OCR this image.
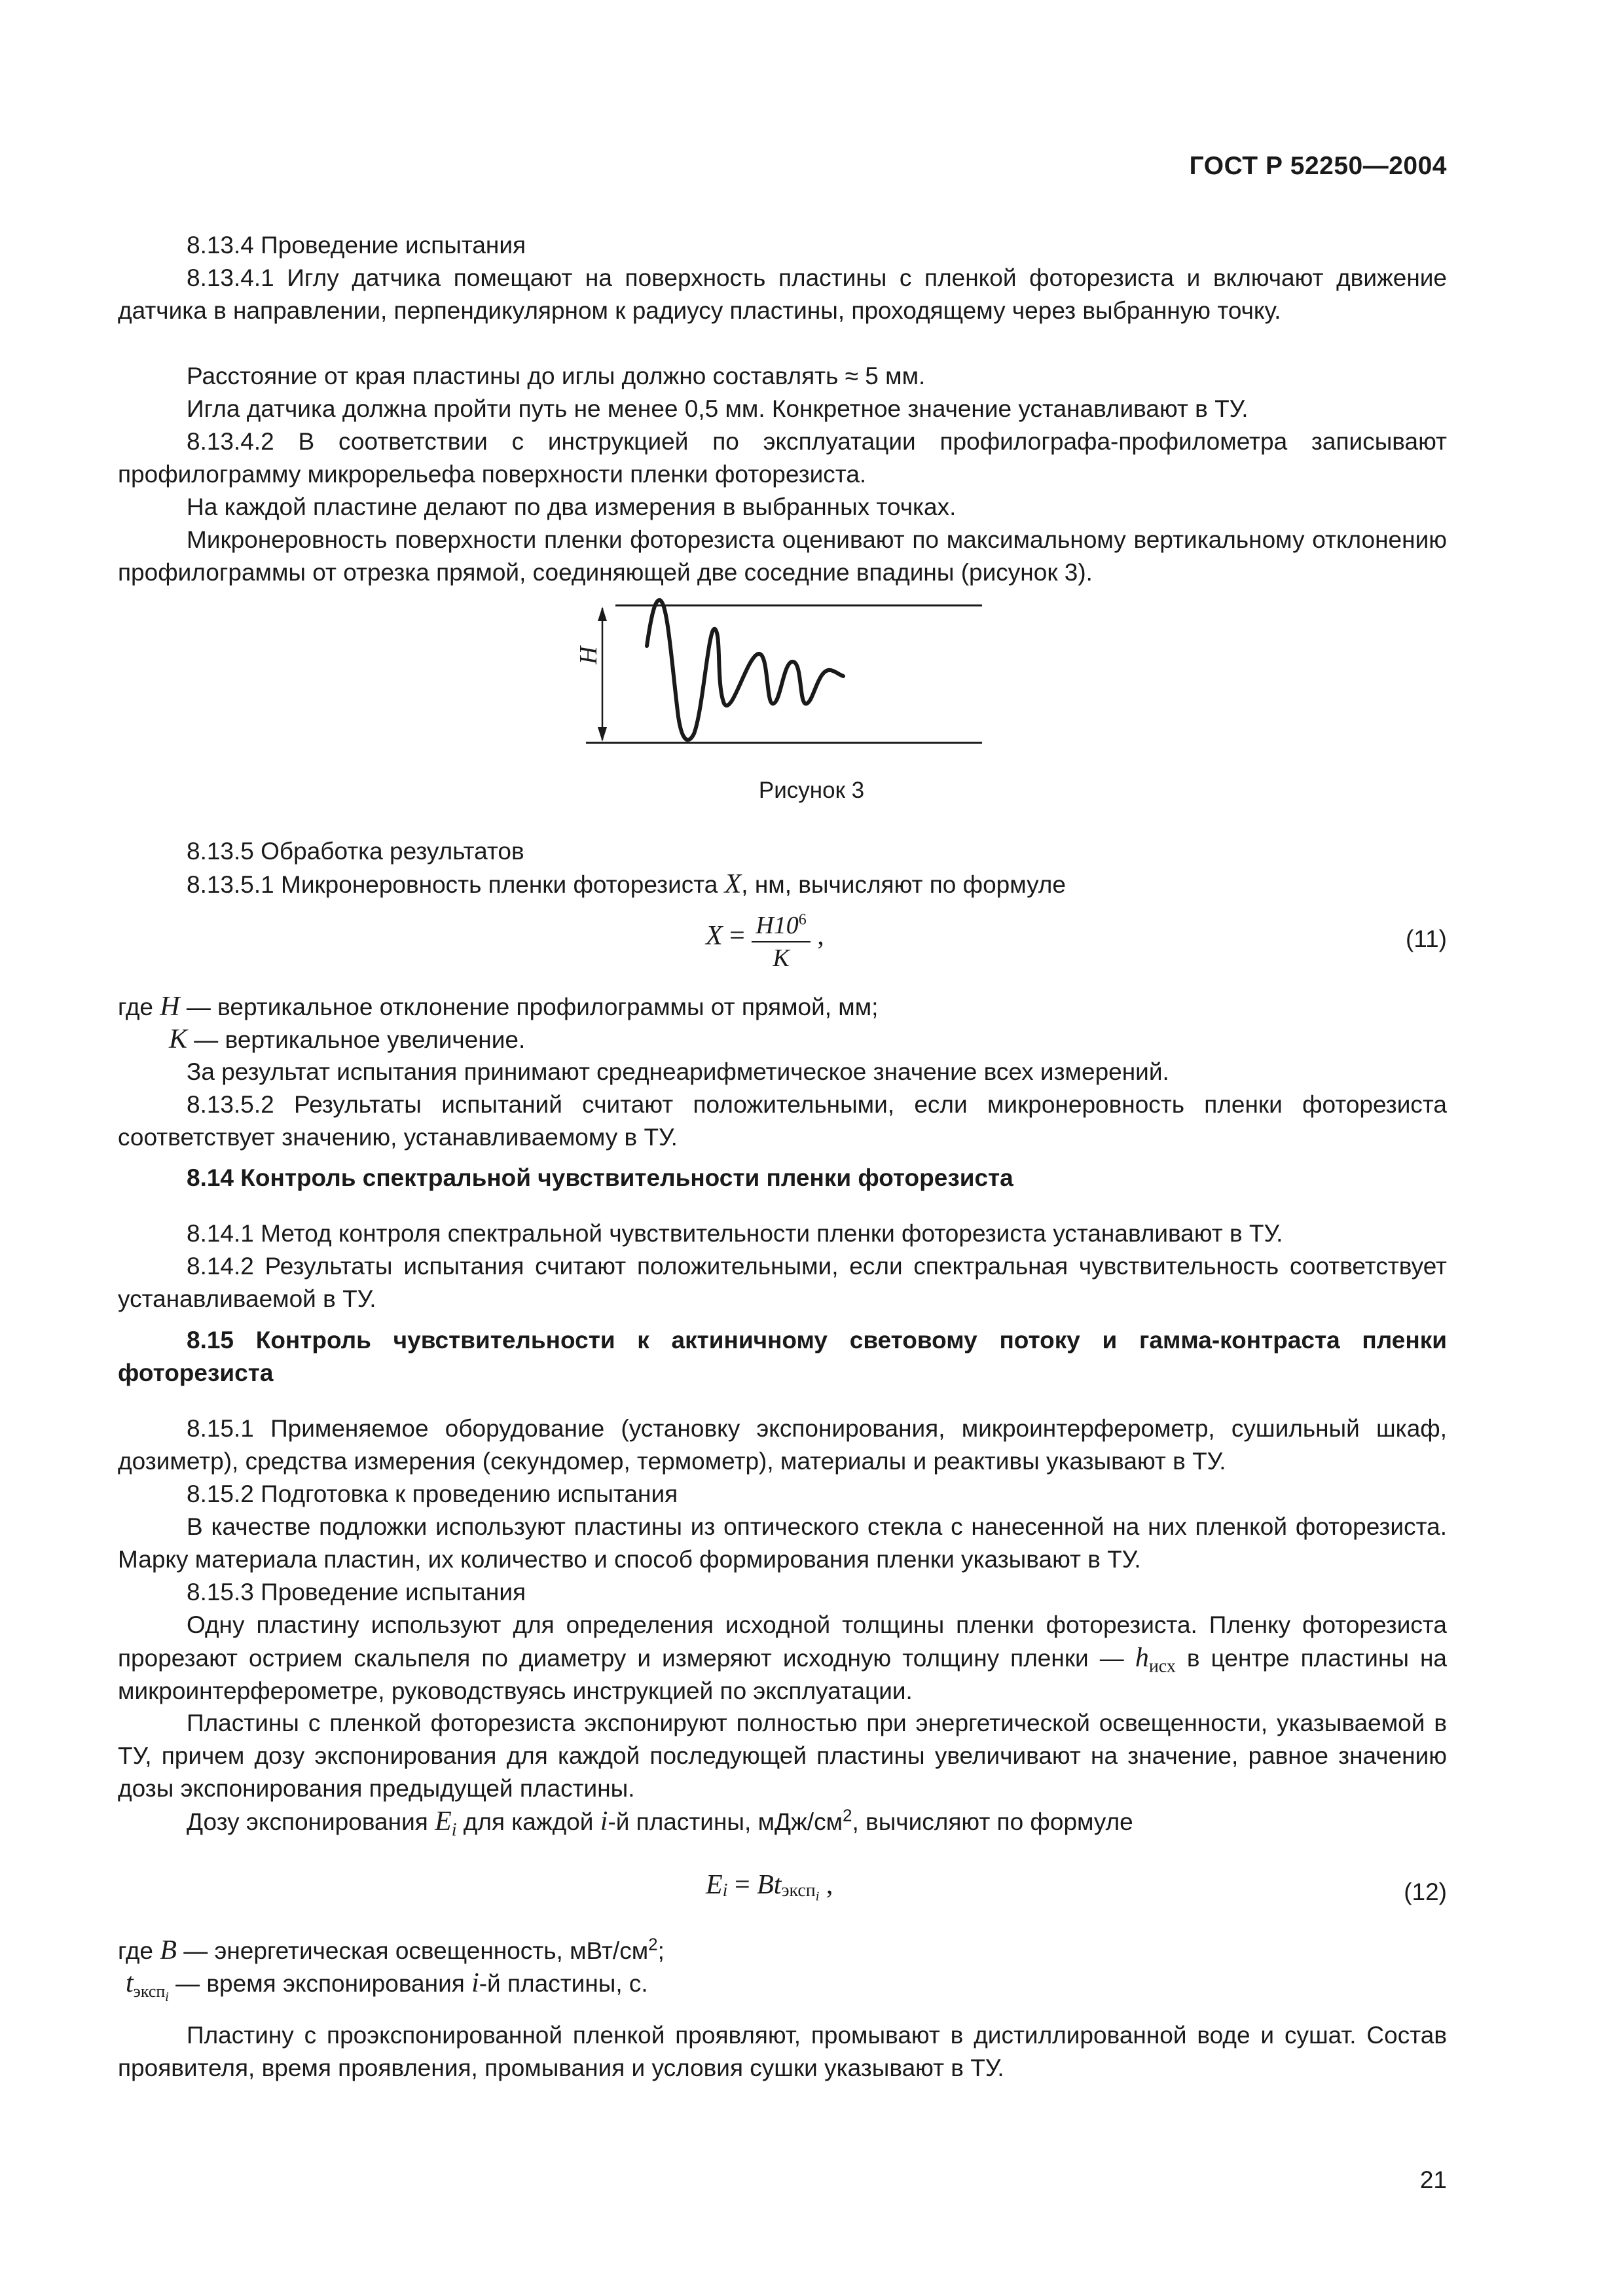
ГОСТ Р 52250—2004
8.13.4 Проведение испытания
8.13.4.1 Иглу датчика помещают на поверхность пластины с пленкой фоторезиста и включают движение датчика в направлении, перпендикулярном к радиусу пластины, проходящему через выбранную точку.
Расстояние от края пластины до иглы должно составлять ≈ 5 мм.
Игла датчика должна пройти путь не менее 0,5 мм. Конкретное значение устанавливают в ТУ.
8.13.4.2 В соответствии с инструкцией по эксплуатации профилографа-профилометра записывают профилограмму микрорельефа поверхности пленки фоторезиста.
На каждой пластине делают по два измерения в выбранных точках.
Микронеровность поверхности пленки фоторезиста оценивают по максимальному вертикальному отклонению профилограммы от отрезка прямой, соединяющей две соседние впадины (рисунок 3).
H
Рисунок 3
8.13.5 Обработка результатов
8.13.5.1 Микронеровность пленки фоторезиста X, нм, вычисляют по формуле
$X = \frac{H10^6}{K}$ ,	(11)
где H — вертикальное отклонение профилограммы от прямой, мм;
K — вертикальное увеличение.
За результат испытания принимают среднеарифметическое значение всех измерений.
8.13.5.2 Результаты испытаний считают положительными, если микронеровность пленки фоторезиста соответствует значению, устанавливаемому в ТУ.
8.14 Контроль спектральной чувствительности пленки фоторезиста
8.14.1 Метод контроля спектральной чувствительности пленки фоторезиста устанавливают в ТУ.
8.14.2 Результаты испытания считают положительными, если спектральная чувствительность соответствует устанавливаемой в ТУ.
8.15 Контроль чувствительности к актиничному световому потоку и гамма-контраста пленки фоторезиста
8.15.1 Применяемое оборудование (установку экспонирования, микроинтерферометр, сушильный шкаф, дозиметр), средства измерения (секундомер, термометр), материалы и реактивы указывают в ТУ.
8.15.2 Подготовка к проведению испытания
В качестве подложки используют пластины из оптического стекла с нанесенной на них пленкой фоторезиста. Марку материала пластин, их количество и способ формирования пленки указывают в ТУ.
8.15.3 Проведение испытания
Одну пластину используют для определения исходной толщины пленки фоторезиста. Пленку фоторезиста прорезают острием скальпеля по диаметру и измеряют исходную толщину пленки — $h_{исх}$ в центре пластины на микроинтерферометре, руководствуясь инструкцией по эксплуатации.
Пластины с пленкой фоторезиста экспонируют полностью при энергетической освещенности, указываемой в ТУ, причем дозу экспонирования для каждой последующей пластины увеличивают на значение, равное значению дозы экспонирования предыдущей пластины.
Дозу экспонирования $E_i$ для каждой i-й пластины, мДж/$см^2$, вычисляют по формуле
$E_i = Bt_{эксп_i}$ ,	(12)
где B — энергетическая освещенность, мВт/$см^2$;
$t_{эксп_i}$ — время экспонирования i-й пластины, с.
Пластину с проэкспонированной пленкой проявляют, промывают в дистиллированной воде и сушат. Состав проявителя, время проявления, промывания и условия сушки указывают в ТУ.
21
